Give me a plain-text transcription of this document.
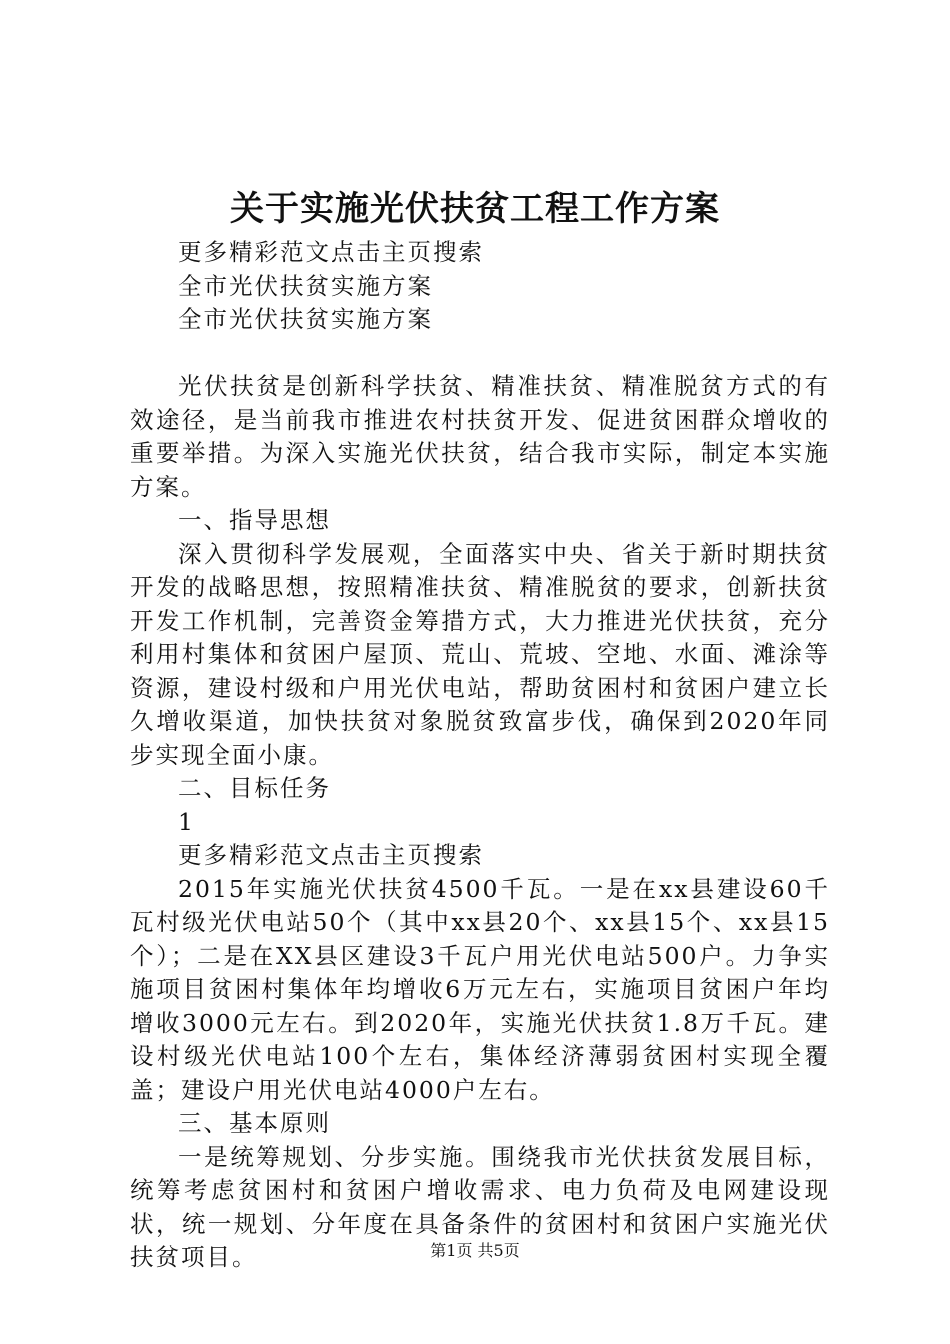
关于实施光伏扶贫工程工作方案

更多精彩范文点击主页搜索

全市光伏扶贫实施方案

全市光伏扶贫实施方案

光伏扶贫是创新科学扶贫、精准扶贫、精准脱贫方式的有效途径，是当前我市推进农村扶贫开发、促进贫困群众增收的重要举措。为深入实施光伏扶贫，结合我市实际，制定本实施方案。

一、指导思想

深入贯彻科学发展观，全面落实中央、省关于新时期扶贫开发的战略思想，按照精准扶贫、精准脱贫的要求，创新扶贫开发工作机制，完善资金筹措方式，大力推进光伏扶贫，充分利用村集体和贫困户屋顶、荒山、荒坡、空地、水面、滩涂等资源，建设村级和户用光伏电站，帮助贫困村和贫困户建立长久增收渠道，加快扶贫对象脱贫致富步伐，确保到2020年同步实现全面小康。

二、目标任务

1

更多精彩范文点击主页搜索

2015年实施光伏扶贫4500千瓦。一是在xx县建设60千瓦村级光伏电站50个（其中xx县20个、xx县15个、xx县15个）；二是在XX县区建设3千瓦户用光伏电站500户。力争实施项目贫困村集体年均增收6万元左右，实施项目贫困户年均增收3000元左右。到2020年，实施光伏扶贫1.8万千瓦。建设村级光伏电站100个左右，集体经济薄弱贫困村实现全覆盖；建设户用光伏电站4000户左右。

三、基本原则

一是统筹规划、分步实施。围绕我市光伏扶贫发展目标，统筹考虑贫困村和贫困户增收需求、电力负荷及电网建设现状，统一规划、分年度在具备条件的贫困村和贫困户实施光伏扶贫项目。	第1页 共5页
